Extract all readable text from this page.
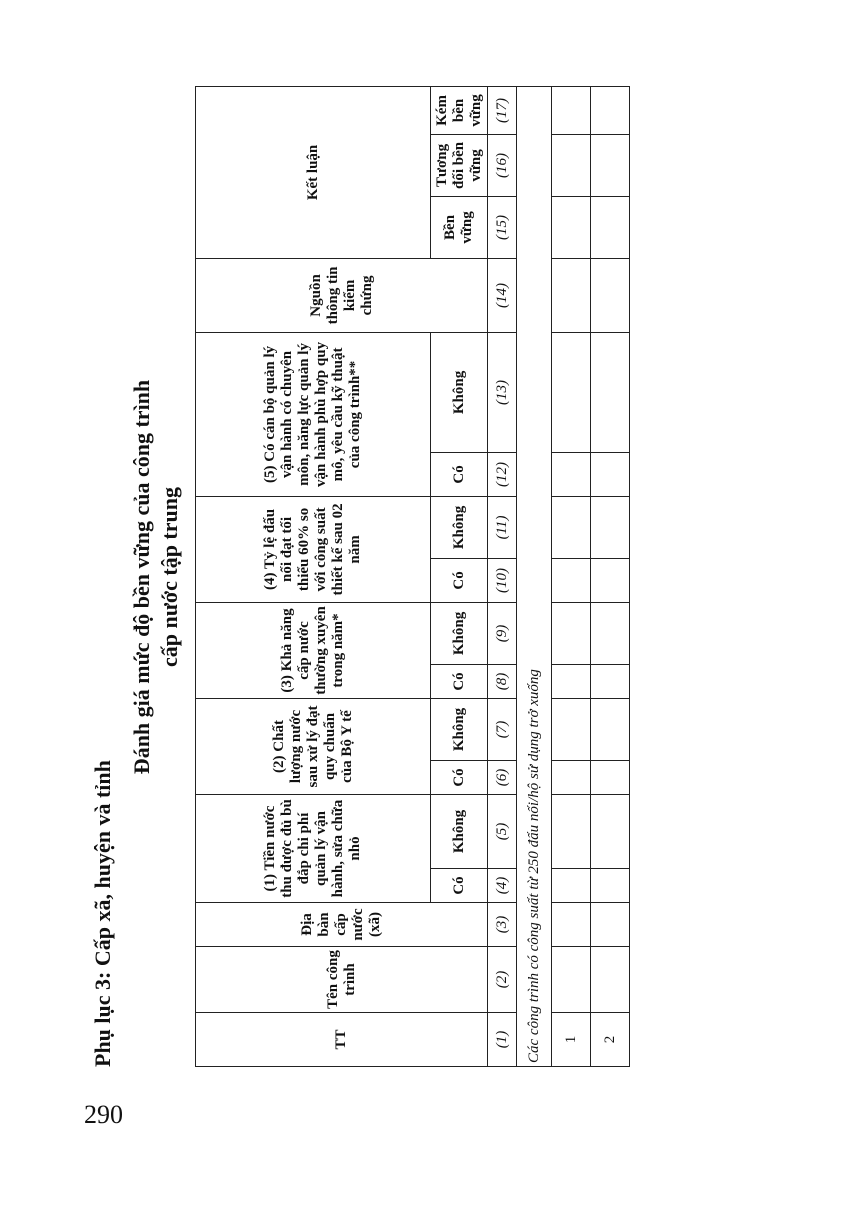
290
Phụ lục 3: Cấp xã, huyện và tỉnh
Đánh giá mức độ bền vững của công trình cấp nước tập trung
TT	Tên công trình	Địa bàn cấp nước (xã)	(1) Tiền nước thu được đủ bù đắp chi phí quản lý vận hành, sửa chữa nhỏ		(2) Chất lượng nước sau xử lý đạt quy chuẩn của Bộ Y tế		(3) Khả năng cấp nước thường xuyên trong năm*		(4) Tỷ lệ đấu nối đạt tối thiểu 60% so với công suất thiết kế sau 02 năm		(5) Có cán bộ quản lý vận hành có chuyên môn, năng lực quản lý vận hành phù hợp quy mô, yêu cầu kỹ thuật của công trình**		Nguồn thông tin kiểm chứng	Kết luận		
			Có	Không	Có	Không	Có	Không	Có	Không	Có	Không		Bền vững	Tương đối bền vững	Kém bền vững
(1)	(2)	(3)	(4)	(5)	(6)	(7)	(8)	(9)	(10)	(11)	(12)	(13)	(14)	(15)	(16)	(17)
Các công trình có công suất từ 250 đấu nối/hộ sử dụng trở xuống																
1																
2																
